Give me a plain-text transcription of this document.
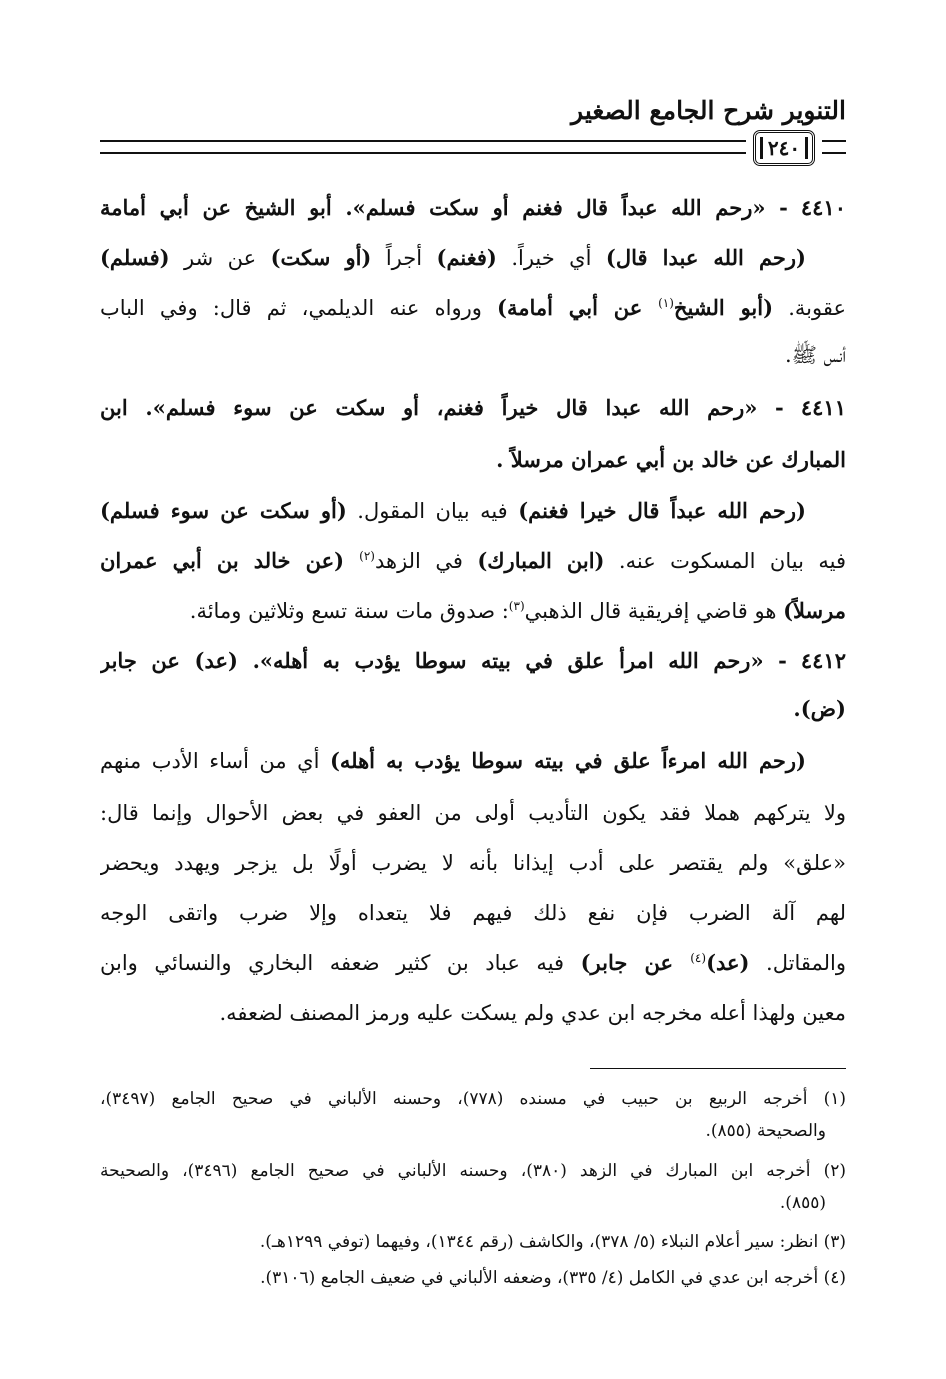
التنوير شرح الجامع الصغير
٢٤٠
٤٤١٠ - «رحم الله عبداً قال فغنم أو سكت فسلم». أبو الشيخ عن أبي أمامة
(رحم الله عبدا قال) أي خيراً. (فغنم) أجراً (أو سكت) عن شر (فسلم)
عقوبة. (أبو الشيخ$^{(١)}$ عن أبي أمامة) ورواه عنه الديلمي، ثم قال: وفي الباب
أنس ﷺ.
٤٤١١ - «رحم الله عبدا قال خيراً فغنم، أو سكت عن سوء فسلم». ابن
المبارك عن خالد بن أبي عمران مرسلاً .
(رحم الله عبداً قال خيرا فغنم) فيه بيان المقول. (أو سكت عن سوء فسلم)
فيه بيان المسكوت عنه. (ابن المبارك) في الزهد$^{(٢)}$ (عن خالد بن أبي عمران
مرسلاً) هو قاضي إفريقية قال الذهبي$^{(٣)}$: صدوق مات سنة تسع وثلاثين ومائة.
٤٤١٢ - «رحم الله امرأ علق في بيته سوطا يؤدب به أهله». (عد) عن جابر
(ض).
(رحم الله امرءاً علق في بيته سوطا يؤدب به أهله) أي من أساء الأدب منهم
ولا يتركهم هملا فقد يكون التأديب أولى من العفو في بعض الأحوال وإنما قال:
«علق» ولم يقتصر على أدب إيذانا بأنه لا يضرب أولًا بل يزجر ويهدد ويحضر
لهم آلة الضرب فإن نفع ذلك فيهم فلا يتعداه وإلا ضرب واتقى الوجه
والمقاتل. (عد)$^{(٤)}$ عن جابر) فيه عباد بن كثير ضعفه البخاري والنسائي وابن
معين ولهذا أعله مخرجه ابن عدي ولم يسكت عليه ورمز المصنف لضعفه.
(١) أخرجه الربيع بن حبيب في مسنده (٧٧٨)، وحسنه الألباني في صحيح الجامع (٣٤٩٧)،
والصحيحة (٨٥٥).
(٢) أخرجه ابن المبارك في الزهد (٣٨٠)، وحسنه الألباني في صحيح الجامع (٣٤٩٦)، والصحيحة
(٨٥٥).
(٣) انظر: سير أعلام النبلاء (٥/ ٣٧٨)، والكاشف (رقم ١٣٤٤)، وفيهما (توفي ١٢٩٩هـ).
(٤) أخرجه ابن عدي في الكامل (٤/ ٣٣٥)، وضعفه الألباني في ضعيف الجامع (٣١٠٦).
